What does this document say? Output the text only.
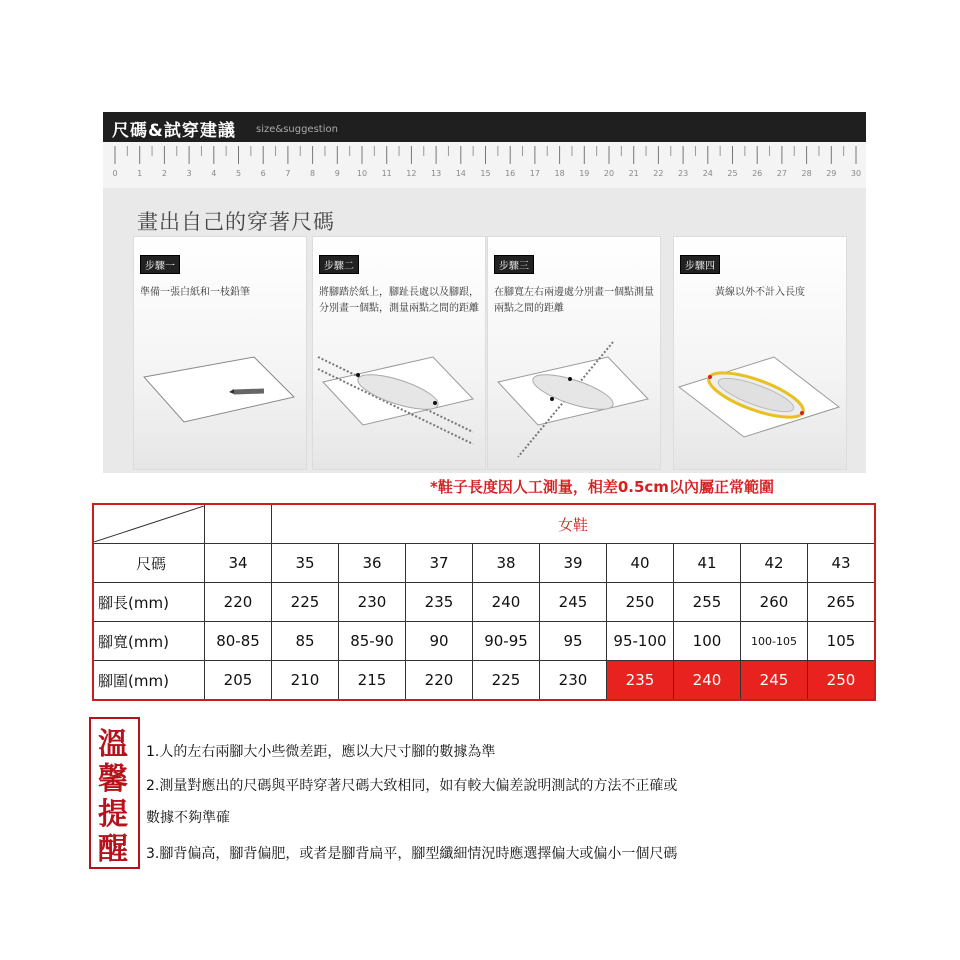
尺碼&試穿建議 size&suggestion
0 1 2 3 4 5 6 7 8 9 10 11 12 13 14 15 16 17 18 19 20 21 22 23 24 25 26 27 28 29 30
畫出自己的穿著尺碼
步驟一
準備一張白紙和一枝鉛筆
步驟二
將腳踏於紙上，腳趾長處以及腳跟，分別畫一個點，測量兩點之間的距離
步驟三
在腳寬左右兩邊處分別畫一個點測量兩點之間的距離
步驟四
黃線以外不計入長度
*鞋子長度因人工測量，相差0.5cm以內屬正常範圍
		女鞋								
尺碼	34	35	36	37	38	39	40	41	42	43
腳長(mm)	220	225	230	235	240	245	250	255	260	265
腳寬(mm)	80-85	85	85-90	90	90-95	95	95-100	100	100-105	105
腳圍(mm)	205	210	215	220	225	230	235	240	245	250
溫
馨
提
醒
1.人的左右兩腳大小些微差距，應以大尺寸腳的數據為準
2.測量對應出的尺碼與平時穿著尺碼大致相同，如有較大偏差說明測試的方法不正確或
數據不夠準確
3.腳背偏高，腳背偏肥，或者是腳背扁平，腳型纖細情況時應選擇偏大或偏小一個尺碼
